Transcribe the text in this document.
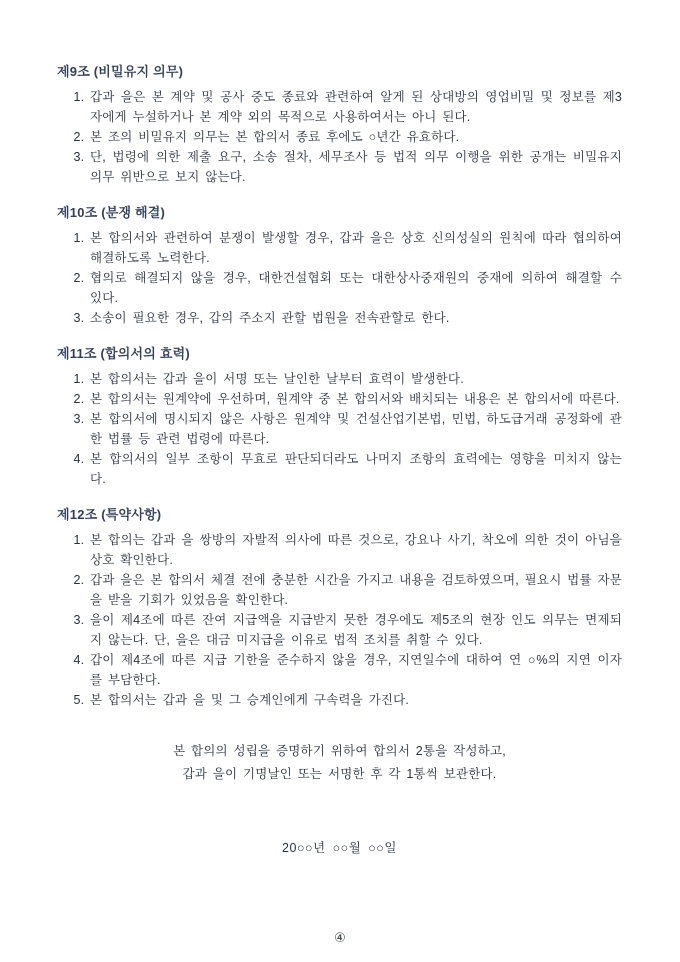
제9조 (비밀유지 의무)
1. 갑과 을은 본 계약 및 공사 중도 종료와 관련하여 알게 된 상대방의 영업비밀 및 정보를 제3자에게 누설하거나 본 계약 외의 목적으로 사용하여서는 아니 된다.
2. 본 조의 비밀유지 의무는 본 합의서 종료 후에도 ○년간 유효하다.
3. 단, 법령에 의한 제출 요구, 소송 절차, 세무조사 등 법적 의무 이행을 위한 공개는 비밀유지 의무 위반으로 보지 않는다.
제10조 (분쟁 해결)
1. 본 합의서와 관련하여 분쟁이 발생할 경우, 갑과 을은 상호 신의성실의 원칙에 따라 협의하여 해결하도록 노력한다.
2. 협의로 해결되지 않을 경우, 대한건설협회 또는 대한상사중재원의 중재에 의하여 해결할 수 있다.
3. 소송이 필요한 경우, 갑의 주소지 관할 법원을 전속관할로 한다.
제11조 (합의서의 효력)
1. 본 합의서는 갑과 을이 서명 또는 날인한 날부터 효력이 발생한다.
2. 본 합의서는 원계약에 우선하며, 원계약 중 본 합의서와 배치되는 내용은 본 합의서에 따른다.
3. 본 합의서에 명시되지 않은 사항은 원계약 및 건설산업기본법, 민법, 하도급거래 공정화에 관한 법률 등 관련 법령에 따른다.
4. 본 합의서의 일부 조항이 무효로 판단되더라도 나머지 조항의 효력에는 영향을 미치지 않는다.
제12조 (특약사항)
1. 본 합의는 갑과 을 쌍방의 자발적 의사에 따른 것으로, 강요나 사기, 착오에 의한 것이 아님을 상호 확인한다.
2. 갑과 을은 본 합의서 체결 전에 충분한 시간을 가지고 내용을 검토하였으며, 필요시 법률 자문을 받을 기회가 있었음을 확인한다.
3. 을이 제4조에 따른 잔여 지급액을 지급받지 못한 경우에도 제5조의 현장 인도 의무는 면제되지 않는다. 단, 을은 대금 미지급을 이유로 법적 조치를 취할 수 있다.
4. 갑이 제4조에 따른 지급 기한을 준수하지 않을 경우, 지연일수에 대하여 연 ○%의 지연 이자를 부담한다.
5. 본 합의서는 갑과 을 및 그 승계인에게 구속력을 가진다.
본 합의의 성립을 증명하기 위하여 합의서 2통을 작성하고,
갑과 을이 기명날인 또는 서명한 후 각 1통씩 보관한다.
20○○년 ○○월 ○○일
④
